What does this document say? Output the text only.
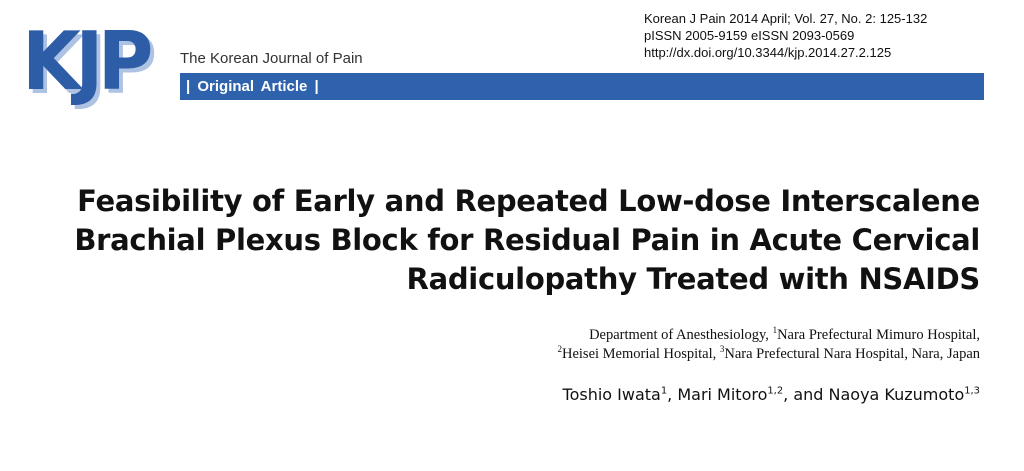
KJP The Korean Journal of Pain
| Original Article |
Korean J Pain 2014 April; Vol. 27, No. 2: 125-132
pISSN 2005-9159 eISSN 2093-0569
http://dx.doi.org/10.3344/kjp.2014.27.2.125
Feasibility of Early and Repeated Low-dose Interscalene
Brachial Plexus Block for Residual Pain in Acute Cervical
Radiculopathy Treated with NSAIDS
Department of Anesthesiology, $^1$Nara Prefectural Mimuro Hospital,
$^2$Heisei Memorial Hospital, $^3$Nara Prefectural Nara Hospital, Nara, Japan
Toshio Iwata$^1$, Mari Mitoro$^{1,2}$, and Naoya Kuzumoto$^{1,3}$
